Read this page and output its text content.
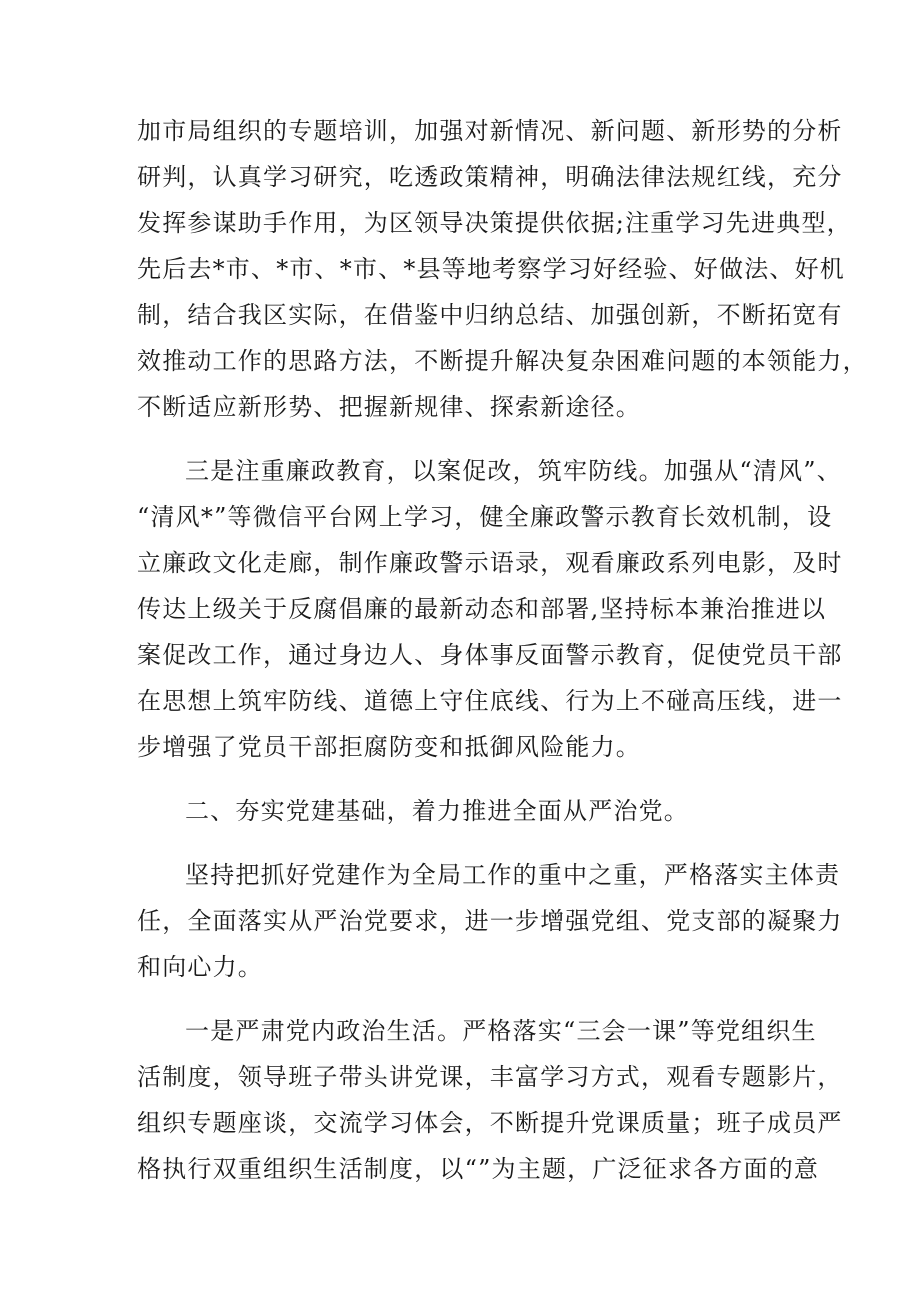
加市局组织的专题培训，加强对新情况、新问题、新形势的分析
研判，认真学习研究，吃透政策精神，明确法律法规红线，充分
发挥参谋助手作用，为区领导决策提供依据;注重学习先进典型，
先后去*市、*市、*市、*县等地考察学习好经验、好做法、好机
制，结合我区实际，在借鉴中归纳总结、加强创新，不断拓宽有
效推动工作的思路方法，不断提升解决复杂困难问题的本领能力，
不断适应新形势、把握新规律、探索新途径。
三是注重廉政教育，以案促改，筑牢防线。加强从“清风”、
“清风*”等微信平台网上学习，健全廉政警示教育长效机制，设
立廉政文化走廊，制作廉政警示语录，观看廉政系列电影，及时
传达上级关于反腐倡廉的最新动态和部署,坚持标本兼治推进以
案促改工作，通过身边人、身体事反面警示教育，促使党员干部
在思想上筑牢防线、道德上守住底线、行为上不碰高压线，进一
步增强了党员干部拒腐防变和抵御风险能力。
二、夯实党建基础，着力推进全面从严治党。
坚持把抓好党建作为全局工作的重中之重，严格落实主体责
任，全面落实从严治党要求，进一步增强党组、党支部的凝聚力
和向心力。
一是严肃党内政治生活。严格落实“三会一课”等党组织生
活制度，领导班子带头讲党课，丰富学习方式，观看专题影片，
组织专题座谈，交流学习体会，不断提升党课质量；班子成员严
格执行双重组织生活制度，以“”为主题，广泛征求各方面的意
